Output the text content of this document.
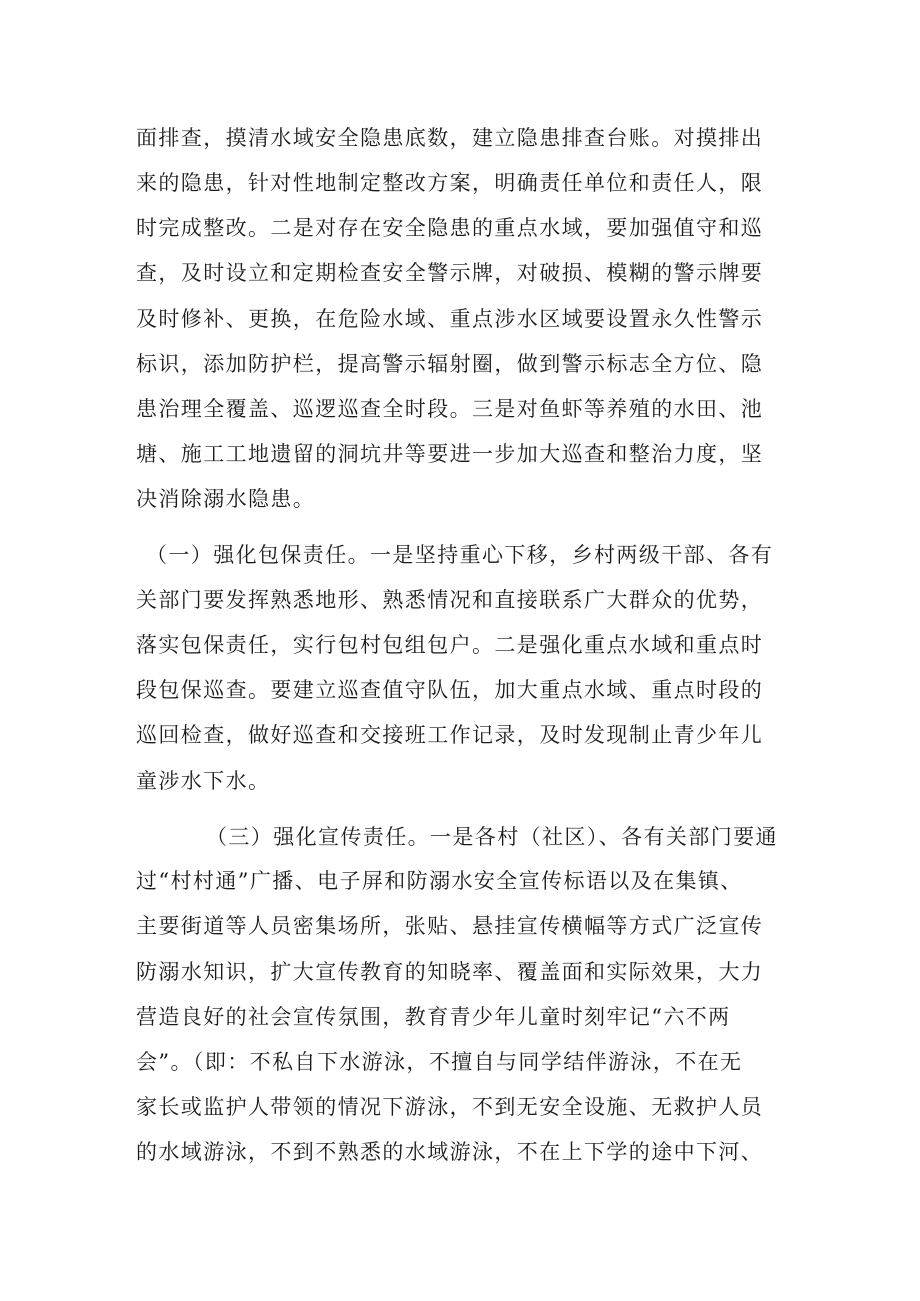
面排查，摸清水域安全隐患底数，建立隐患排查台账。对摸排出
来的隐患，针对性地制定整改方案，明确责任单位和责任人，限
时完成整改。二是对存在安全隐患的重点水域，要加强值守和巡
查，及时设立和定期检查安全警示牌，对破损、模糊的警示牌要
及时修补、更换，在危险水域、重点涉水区域要设置永久性警示
标识，添加防护栏，提高警示辐射圈，做到警示标志全方位、隐
患治理全覆盖、巡逻巡查全时段。三是对鱼虾等养殖的水田、池
塘、施工工地遗留的洞坑井等要进一步加大巡查和整治力度，坚
决消除溺水隐患。
（一）强化包保责任。一是坚持重心下移，乡村两级干部、各有
关部门要发挥熟悉地形、熟悉情况和直接联系广大群众的优势，
落实包保责任，实行包村包组包户。二是强化重点水域和重点时
段包保巡查。要建立巡查值守队伍，加大重点水域、重点时段的
巡回检查，做好巡查和交接班工作记录，及时发现制止青少年儿
童涉水下水。
（三）强化宣传责任。一是各村（社区）、各有关部门要通
过“村村通”广播、电子屏和防溺水安全宣传标语以及在集镇、
主要街道等人员密集场所，张贴、悬挂宣传横幅等方式广泛宣传
防溺水知识，扩大宣传教育的知晓率、覆盖面和实际效果，大力
营造良好的社会宣传氛围，教育青少年儿童时刻牢记“六不两
会”。（即：不私自下水游泳，不擅自与同学结伴游泳，不在无
家长或监护人带领的情况下游泳，不到无安全设施、无救护人员
的水域游泳，不到不熟悉的水域游泳，不在上下学的途中下河、
